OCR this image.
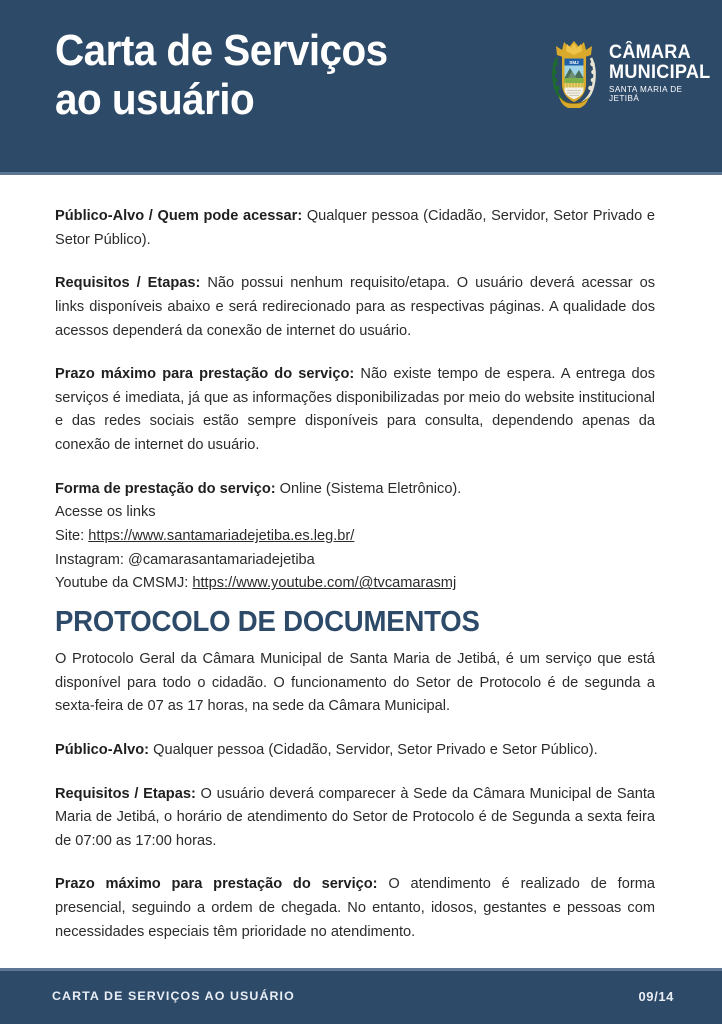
Carta de Serviços
ao usuário
SMJ CÂMARA
MUNICIPAL
SANTA MARIA DE JETIBÁ

Público-Alvo / Quem pode acessar: Qualquer pessoa (Cidadão, Servidor, Setor Privado e Setor Público).

Requisitos / Etapas: Não possui nenhum requisito/etapa. O usuário deverá acessar os links disponíveis abaixo e será redirecionado para as respectivas páginas. A qualidade dos acessos dependerá da conexão de internet do usuário.

Prazo máximo para prestação do serviço: Não existe tempo de espera. A entrega dos serviços é imediata, já que as informações disponibilizadas por meio do website institucional e das redes sociais estão sempre disponíveis para consulta, dependendo apenas da conexão de internet do usuário.

Forma de prestação do serviço: Online (Sistema Eletrônico).

Acesse os links

Site: https://www.santamariadejetiba.es.leg.br/

Instagram: @camarasantamariadejetiba

Youtube da CMSMJ: https://www.youtube.com/@tvcamarasmj

PROTOCOLO DE DOCUMENTOS

O Protocolo Geral da Câmara Municipal de Santa Maria de Jetibá, é um serviço que está disponível para todo o cidadão. O funcionamento do Setor de Protocolo é de segunda a sexta-feira de 07 as 17 horas, na sede da Câmara Municipal.

Público-Alvo: Qualquer pessoa (Cidadão, Servidor, Setor Privado e Setor Público).

Requisitos / Etapas: O usuário deverá comparecer à Sede da Câmara Municipal de Santa Maria de Jetibá, o horário de atendimento do Setor de Protocolo é de Segunda a sexta feira de 07:00 as 17:00 horas.

Prazo máximo para prestação do serviço: O atendimento é realizado de forma presencial, seguindo a ordem de chegada. No entanto, idosos, gestantes e pessoas com necessidades especiais têm prioridade no atendimento.

CARTA DE SERVIÇOS AO USUÁRIO	09/14
